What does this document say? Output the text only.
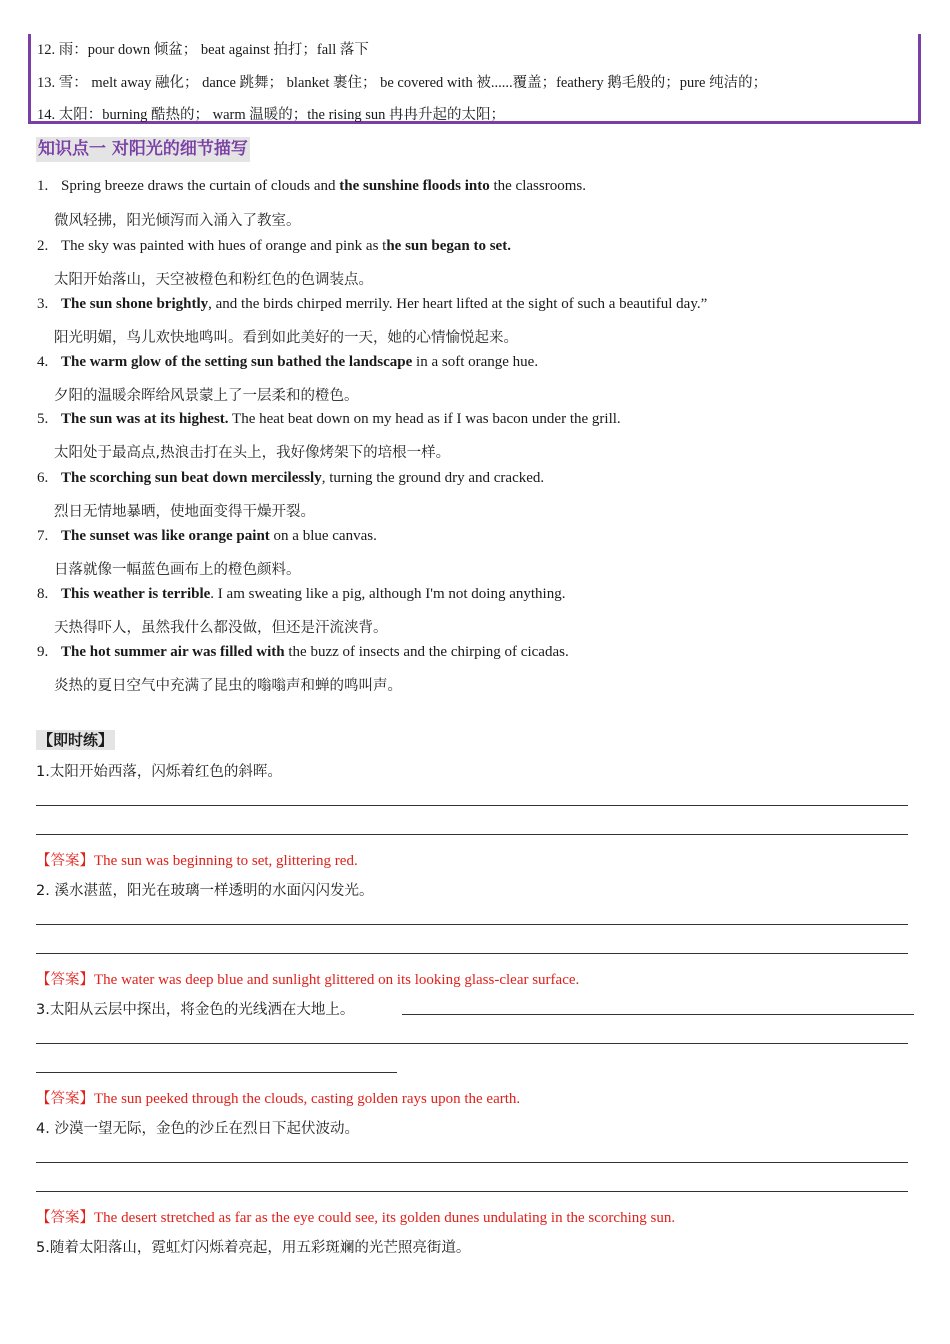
12. 雨：pour down 倾盆； beat against 拍打；fall 落下
13. 雪： melt away 融化； dance 跳舞； blanket 裹住； be covered with 被......覆盖；feathery 鹅毛般的；pure 纯洁的；
14. 太阳：burning 酷热的； warm 温暖的；the rising sun 冉冉升起的太阳；
知识点一 对阳光的细节描写
1. Spring breeze draws the curtain of clouds and the sunshine floods into the classrooms.
微风轻拂，阳光倾泻而入涌入了教室。
2. The sky was painted with hues of orange and pink as the sun began to set.
太阳开始落山，天空被橙色和粉红色的色调装点。
3. The sun shone brightly, and the birds chirped merrily. Her heart lifted at the sight of such a beautiful day.”
阳光明媚，鸟儿欢快地鸣叫。看到如此美好的一天，她的心情愉悦起来。
4. The warm glow of the setting sun bathed the landscape in a soft orange hue.
夕阳的温暖余晖给风景蒙上了一层柔和的橙色。
5. The sun was at its highest. The heat beat down on my head as if I was bacon under the grill.
太阳处于最高点,热浪击打在头上，我好像烤架下的培根一样。
6. The scorching sun beat down mercilessly, turning the ground dry and cracked.
烈日无情地暴晒，使地面变得干燥开裂。
7. The sunset was like orange paint on a blue canvas.
日落就像一幅蓝色画布上的橙色颜料。
8. This weather is terrible. I am sweating like a pig, although I'm not doing anything.
天热得吓人，虽然我什么都没做，但还是汗流浃背。
9. The hot summer air was filled with the buzz of insects and the chirping of cicadas.
炎热的夏日空气中充满了昆虫的嗡嗡声和蝉的鸣叫声。
【即时练】
1.太阳开始西落，闪烁着红色的斜晖。
【答案】The sun was beginning to set, glittering red.
2. 溪水湛蓝，阳光在玻璃一样透明的水面闪闪发光。
【答案】The water was deep blue and sunlight glittered on its looking glass-clear surface.
3.太阳从云层中探出，将金色的光线洒在大地上。
【答案】The sun peeked through the clouds, casting golden rays upon the earth.
4. 沙漠一望无际，金色的沙丘在烈日下起伏波动。
【答案】The desert stretched as far as the eye could see, its golden dunes undulating in the scorching sun.
5.随着太阳落山，霓虹灯闪烁着亮起，用五彩斑斓的光芒照亮街道。
